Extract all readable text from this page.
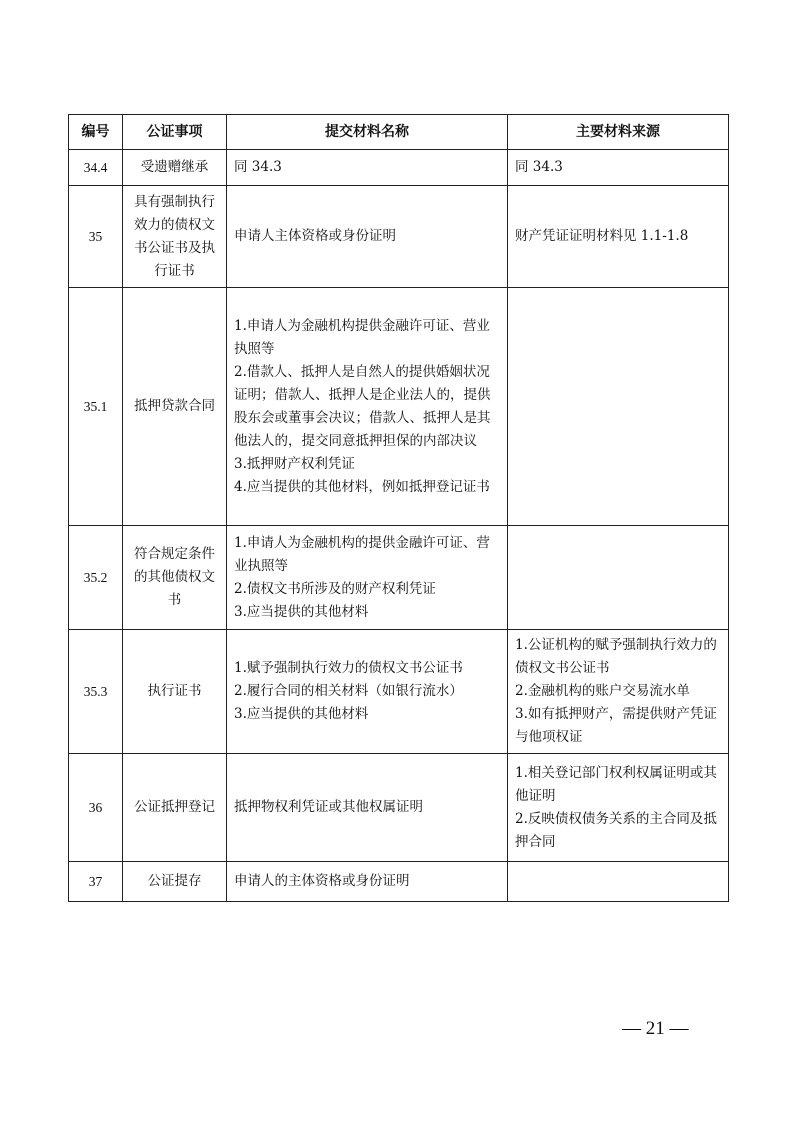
编号	公证事项	提交材料名称	主要材料来源
34.4	受遗赠继承	同 34.3	同 34.3

35	具有强制执行效力的债权文书公证书及执行证书	申请人主体资格或身份证明	财产凭证证明材料见 1.1-1.8

35.1	抵押贷款合同	1.申请人为金融机构提供金融许可证、营业执照等
2.借款人、抵押人是自然人的提供婚姻状况证明；借款人、抵押人是企业法人的，提供股东会或董事会决议；借款人、抵押人是其他法人的，提交同意抵押担保的内部决议
3.抵押财产权利凭证
4.应当提供的其他材料，例如抵押登记证书	

35.2	符合规定条件的其他债权文书	1.申请人为金融机构的提供金融许可证、营业执照等
2.债权文书所涉及的财产权利凭证
3.应当提供的其他材料	

35.3	执行证书	1.赋予强制执行效力的债权文书公证书
2.履行合同的相关材料（如银行流水）
3.应当提供的其他材料	1.公证机构的赋予强制执行效力的债权文书公证书
2.金融机构的账户交易流水单
3.如有抵押财产，需提供财产凭证与他项权证

36	公证抵押登记	抵押物权利凭证或其他权属证明	1.相关登记部门权利权属证明或其他证明
2.反映债权债务关系的主合同及抵押合同

37	公证提存	申请人的主体资格或身份证明	

— 21 —
